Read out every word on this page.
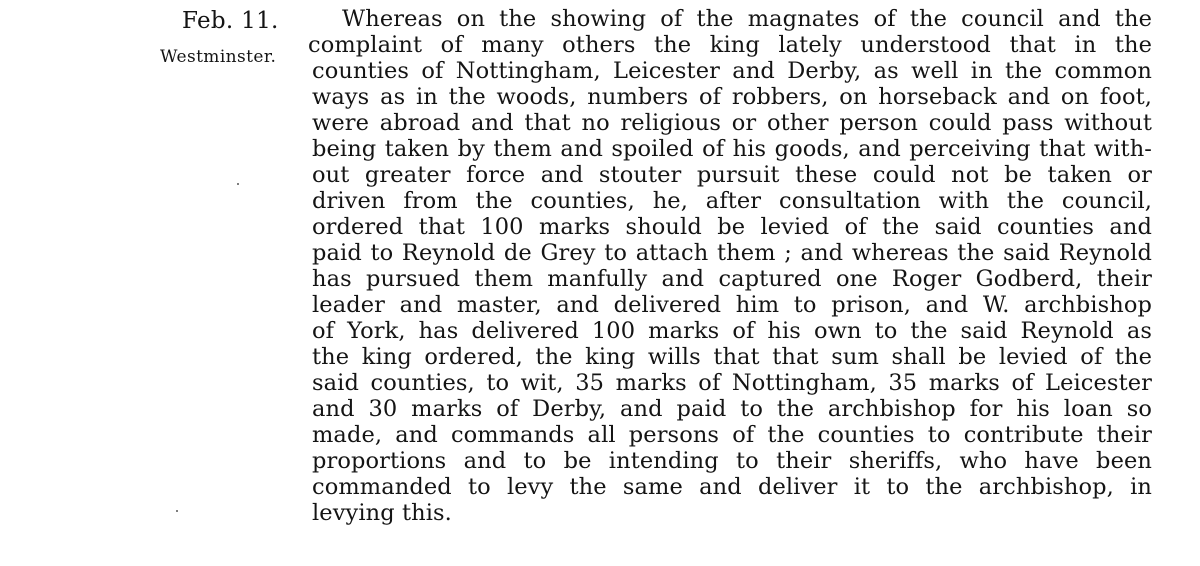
Feb. 11.
Westminster.
Whereas on the showing of the magnates of the council and the
complaint of many others the king lately understood that in the
counties of Nottingham, Leicester and Derby, as well in the common
ways as in the woods, numbers of robbers, on horseback and on foot,
were abroad and that no religious or other person could pass without
being taken by them and spoiled of his goods, and perceiving that with-
out greater force and stouter pursuit these could not be taken or
driven from the counties, he, after consultation with the council,
ordered that 100 marks should be levied of the said counties and
paid to Reynold de Grey to attach them ; and whereas the said Reynold
has pursued them manfully and captured one Roger Godberd, their
leader and master, and delivered him to prison, and W. archbishop
of York, has delivered 100 marks of his own to the said Reynold as
the king ordered, the king wills that that sum shall be levied of the
said counties, to wit, 35 marks of Nottingham, 35 marks of Leicester
and 30 marks of Derby, and paid to the archbishop for his loan so
made, and commands all persons of the counties to contribute their
proportions and to be intending to their sheriffs, who have been
commanded to levy the same and deliver it to the archbishop, in
levying this.
